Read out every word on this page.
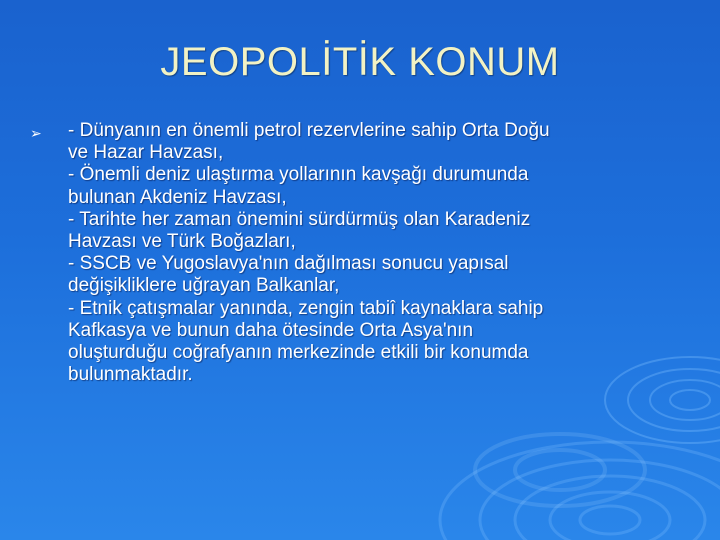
JEOPOLİTİK KONUM
➢	- Dünyanın en önemli petrol rezervlerine sahip Orta Doğu
ve Hazar Havzası,
- Önemli deniz ulaştırma yollarının kavşağı durumunda
bulunan Akdeniz Havzası,
- Tarihte her zaman önemini sürdürmüş olan Karadeniz
Havzası ve Türk Boğazları,
- SSCB ve Yugoslavya'nın dağılması sonucu yapısal
değişikliklere uğrayan Balkanlar,
- Etnik çatışmalar yanında, zengin tabiî kaynaklara sahip
Kafkasya ve bunun daha ötesinde Orta Asya'nın
oluşturduğu coğrafyanın merkezinde etkili bir konumda
bulunmaktadır.
